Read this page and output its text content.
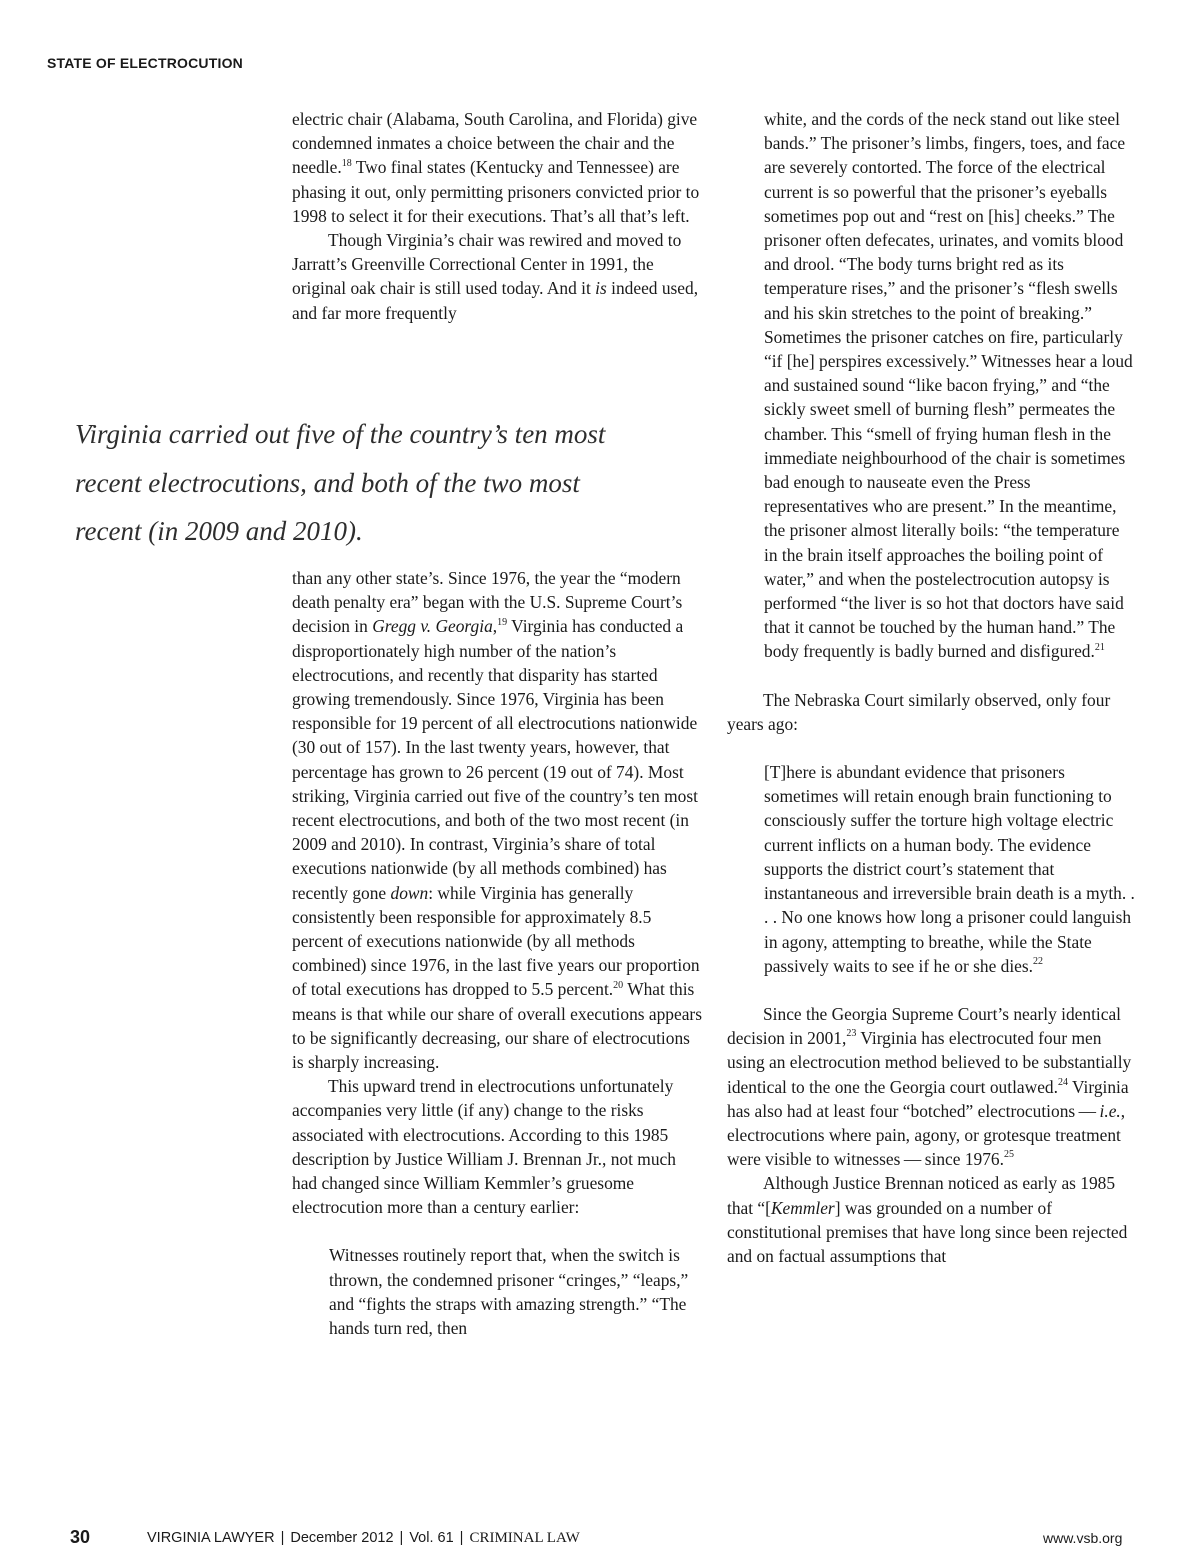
STATE OF ELECTROCUTION

electric chair (Alabama, South Carolina, and Florida) give condemned inmates a choice between the chair and the needle.$^{18}$ Two final states (Kentucky and Tennessee) are phasing it out, only permitting prisoners convicted prior to 1998 to select it for their executions. That’s all that’s left.

Though Virginia’s chair was rewired and moved to Jarratt’s Greenville Correctional Center in 1991, the original oak chair is still used today. And it is indeed used, and far more frequently

Virginia carried out five of the country’s ten most recent electrocutions, and both of the two most recent (in 2009 and 2010).

than any other state’s. Since 1976, the year the “modern death penalty era” began with the U.S. Supreme Court’s decision in Gregg v. Georgia,$^{19}$ Virginia has conducted a disproportionately high number of the nation’s electrocutions, and recently that disparity has started growing tremendously. Since 1976, Virginia has been responsible for 19 percent of all electrocutions nationwide (30 out of 157). In the last twenty years, however, that percentage has grown to 26 percent (19 out of 74). Most striking, Virginia carried out five of the country’s ten most recent electrocutions, and both of the two most recent (in 2009 and 2010). In contrast, Virginia’s share of total executions nationwide (by all methods combined) has recently gone down: while Virginia has generally consistently been responsible for approximately 8.5 percent of executions nationwide (by all methods combined) since 1976, in the last five years our proportion of total executions has dropped to 5.5 percent.$^{20}$ What this means is that while our share of overall executions appears to be significantly decreasing, our share of electrocutions is sharply increasing.

This upward trend in electrocutions unfortunately accompanies very little (if any) change to the risks associated with electrocutions. According to this 1985 description by Justice William J. Brennan Jr., not much had changed since William Kemmler’s gruesome electrocution more than a century earlier:

Witnesses routinely report that, when the switch is thrown, the condemned prisoner “cringes,” “leaps,” and “fights the straps with amazing strength.” “The hands turn red, then

white, and the cords of the neck stand out like steel bands.” The prisoner’s limbs, fingers, toes, and face are severely contorted. The force of the electrical current is so powerful that the prisoner’s eyeballs sometimes pop out and “rest on [his] cheeks.” The prisoner often defecates, urinates, and vomits blood and drool. “The body turns bright red as its temperature rises,” and the prisoner’s “flesh swells and his skin stretches to the point of breaking.” Sometimes the prisoner catches on fire, particularly “if [he] perspires excessively.” Witnesses hear a loud and sustained sound “like bacon frying,” and “the sickly sweet smell of burning flesh” permeates the chamber. This “smell of frying human flesh in the immediate neighbourhood of the chair is sometimes bad enough to nauseate even the Press representatives who are present.” In the meantime, the prisoner almost literally boils: “the temperature in the brain itself approaches the boiling point of water,” and when the postelectrocution autopsy is performed “the liver is so hot that doctors have said that it cannot be touched by the human hand.” The body frequently is badly burned and disfigured.$^{21}$

The Nebraska Court similarly observed, only four years ago:

[T]here is abundant evidence that prisoners sometimes will retain enough brain functioning to consciously suffer the torture high voltage electric current inflicts on a human body. The evidence supports the district court’s statement that instantaneous and irreversible brain death is a myth. . . . No one knows how long a prisoner could languish in agony, attempting to breathe, while the State passively waits to see if he or she dies.$^{22}$

Since the Georgia Supreme Court’s nearly identical decision in 2001,23 Virginia has electrocuted four men using an electrocution method believed to be substantially identical to the one the Georgia court outlawed.$^{24}$ Virginia has also had at least four “botched” electrocutions — i.e., electrocutions where pain, agony, or grotesque treatment were visible to witnesses — since 1976.25

Although Justice Brennan noticed as early as 1985 that “[Kemmler] was grounded on a number of constitutional premises that have long since been rejected and on factual assumptions that

30	VIRGINIA LAWYER | December 2012 | Vol. 61 | CRIMINAL LAW	www.vsb.org
